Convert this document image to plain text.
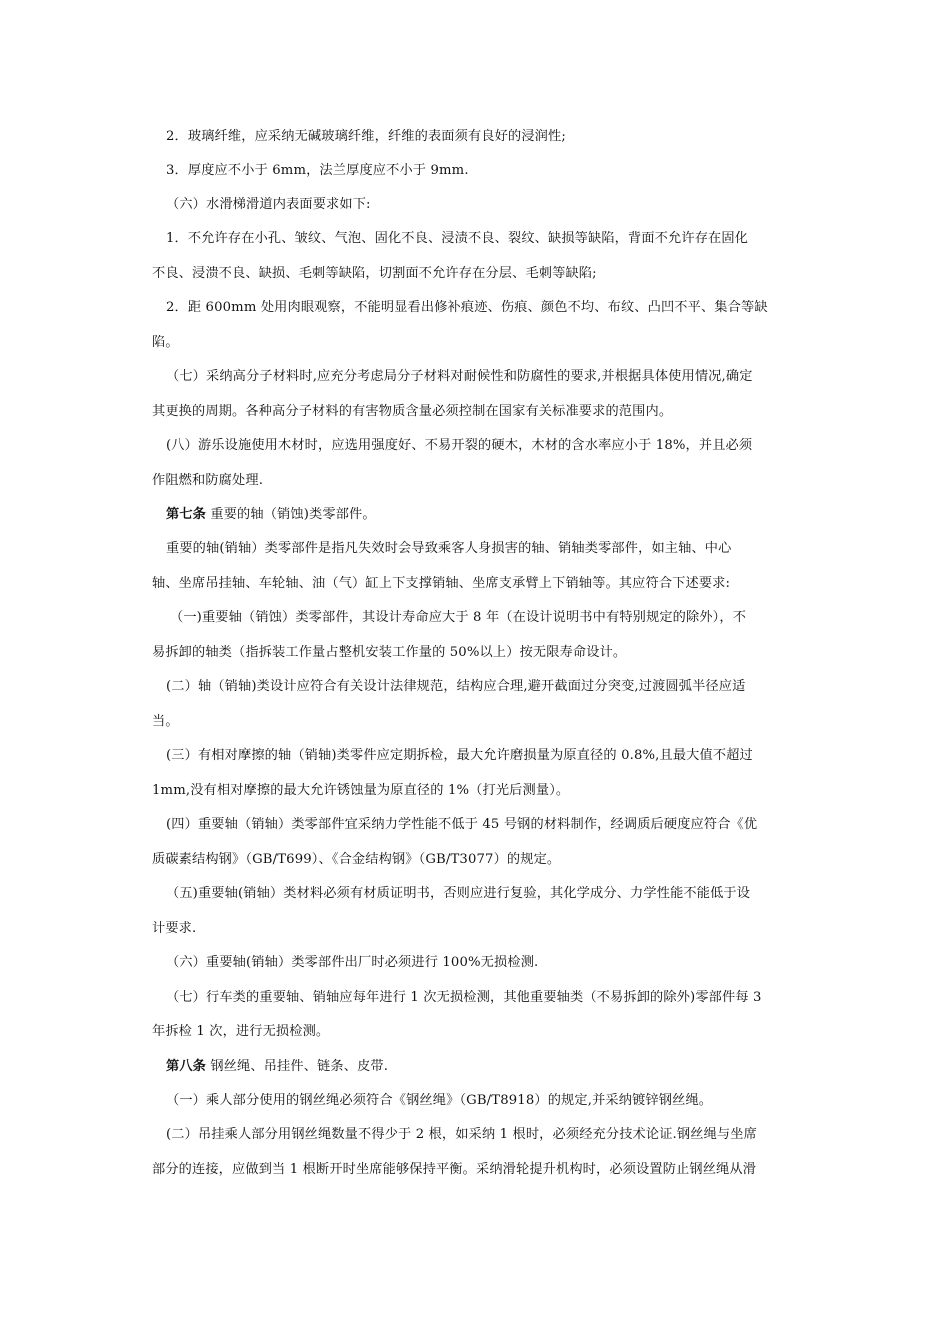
2．玻璃纤维，应采纳无碱玻璃纤维，纤维的表面须有良好的浸润性;
3．厚度应不小于 6mm，法兰厚度应不小于 9mm.
（六）水滑梯滑道内表面要求如下:
1．不允许存在小孔、皱纹、气泡、固化不良、浸渍不良、裂纹、缺损等缺陷，背面不允许存在固化
不良、浸溃不良、缺损、毛刺等缺陷，切割面不允许存在分层、毛刺等缺陷;
2．距 600mm 处用肉眼观察，不能明显看出修补痕迹、伤痕、颜色不均、布纹、凸凹不平、集合等缺
陷。
（七）采纳高分子材料时,应充分考虑局分子材料对耐候性和防腐性的要求,并根据具体使用情况,确定
其更换的周期。各种高分子材料的有害物质含量必须控制在国家有关标准要求的范围内。
(八）游乐设施使用木材时，应选用强度好、不易开裂的硬木，木材的含水率应小于 18%，并且必须
作阻燃和防腐处理.
第七条 重要的轴（销蚀)类零部件。
重要的轴(销轴）类零部件是指凡失效时会导致乘客人身损害的轴、销轴类零部件，如主轴、中心
轴、坐席吊挂轴、车轮轴、油（气）缸上下支撑销轴、坐席支承臂上下销轴等。其应符合下述要求:
（一)重要轴（销蚀）类零部件，其设计寿命应大于 8 年（在设计说明书中有特别规定的除外），不
易拆卸的轴类（指拆装工作量占整机安装工作量的 50%以上）按无限寿命设计。
(二）轴（销轴)类设计应符合有关设计法律规范，结构应合理,避开截面过分突变,过渡圆弧半径应适
当。
(三）有相对摩擦的轴（销轴)类零件应定期拆检，最大允许磨损量为原直径的 0.8%,且最大值不超过
1mm,没有相对摩擦的最大允许锈蚀量为原直径的 1%（打光后测量）。
(四）重要轴（销轴）类零部件宜采纳力学性能不低于 45 号钢的材料制作，经调质后硬度应符合《优
质碳素结构钢》（GB/T699）、《合金结构钢》（GB/T3077）的规定。
（五)重要轴(销轴）类材料必须有材质证明书，否则应进行复验，其化学成分、力学性能不能低于设
计要求.
（六）重要轴(销轴）类零部件出厂时必须进行 100%无损检测.
（七）行车类的重要轴、销轴应每年进行 1 次无损检测，其他重要轴类（不易拆卸的除外)零部件每 3
年拆检 1 次，进行无损检测。
第八条 钢丝绳、吊挂件、链条、皮带.
（一）乘人部分使用的钢丝绳必须符合《钢丝绳》（GB/T8918）的规定,并采纳镀锌钢丝绳。
(二）吊挂乘人部分用钢丝绳数量不得少于 2 根，如采纳 1 根时，必须经充分技术论证.钢丝绳与坐席
部分的连接，应做到当 1 根断开时坐席能够保持平衡。采纳滑轮提升机构时，必须设置防止钢丝绳从滑
